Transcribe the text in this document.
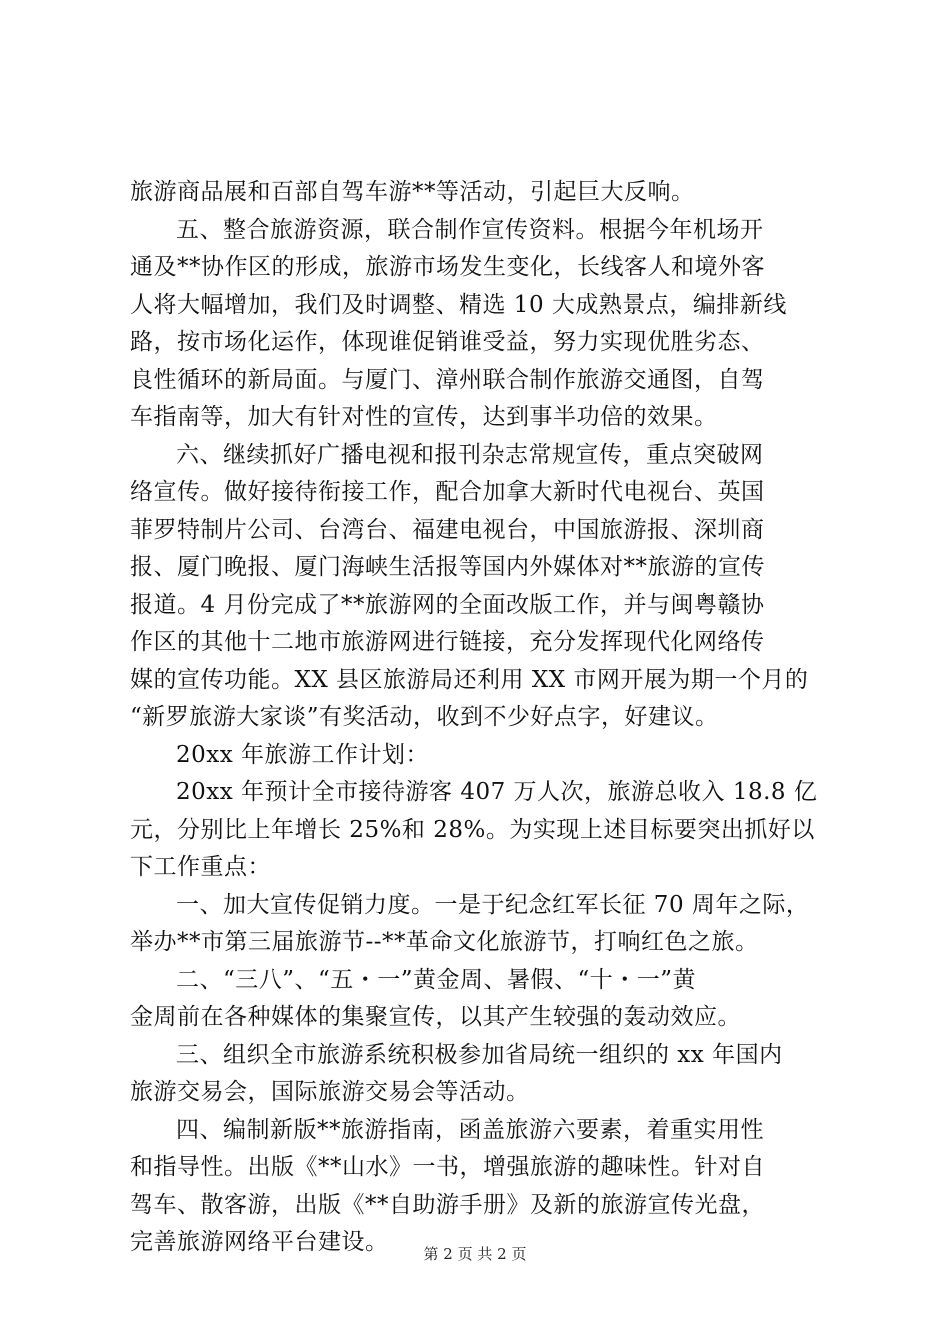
旅游商品展和百部自驾车游**等活动，引起巨大反响。
五、整合旅游资源，联合制作宣传资料。根据今年机场开
通及**协作区的形成，旅游市场发生变化，长线客人和境外客
人将大幅增加，我们及时调整、精选 10 大成熟景点，编排新线
路，按市场化运作，体现谁促销谁受益，努力实现优胜劣态、
良性循环的新局面。与厦门、漳州联合制作旅游交通图，自驾
车指南等，加大有针对性的宣传，达到事半功倍的效果。
六、继续抓好广播电视和报刊杂志常规宣传，重点突破网
络宣传。做好接待衔接工作，配合加拿大新时代电视台、英国
菲罗特制片公司、台湾台、福建电视台，中国旅游报、深圳商
报、厦门晚报、厦门海峡生活报等国内外媒体对**旅游的宣传
报道。4 月份完成了**旅游网的全面改版工作，并与闽粤赣协
作区的其他十二地市旅游网进行链接，充分发挥现代化网络传
媒的宣传功能。XX 县区旅游局还利用 XX 市网开展为期一个月的
“新罗旅游大家谈”有奖活动，收到不少好点字，好建议。
20xx 年旅游工作计划：
20xx 年预计全市接待游客 407 万人次，旅游总收入 18.8 亿
元，分别比上年增长 25%和 28%。为实现上述目标要突出抓好以
下工作重点：
一、加大宣传促销力度。一是于纪念红军长征 70 周年之际，
举办**市第三届旅游节--**革命文化旅游节，打响红色之旅。
二、“三八”、“五・一”黄金周、暑假、“十・一”黄
金周前在各种媒体的集聚宣传，以其产生较强的轰动效应。
三、组织全市旅游系统积极参加省局统一组织的 xx 年国内
旅游交易会，国际旅游交易会等活动。
四、编制新版**旅游指南，函盖旅游六要素，着重实用性
和指导性。出版《**山水》一书，增强旅游的趣味性。针对自
驾车、散客游，出版《**自助游手册》及新的旅游宣传光盘，
完善旅游网络平台建设。	第 2 页 共 2 页
